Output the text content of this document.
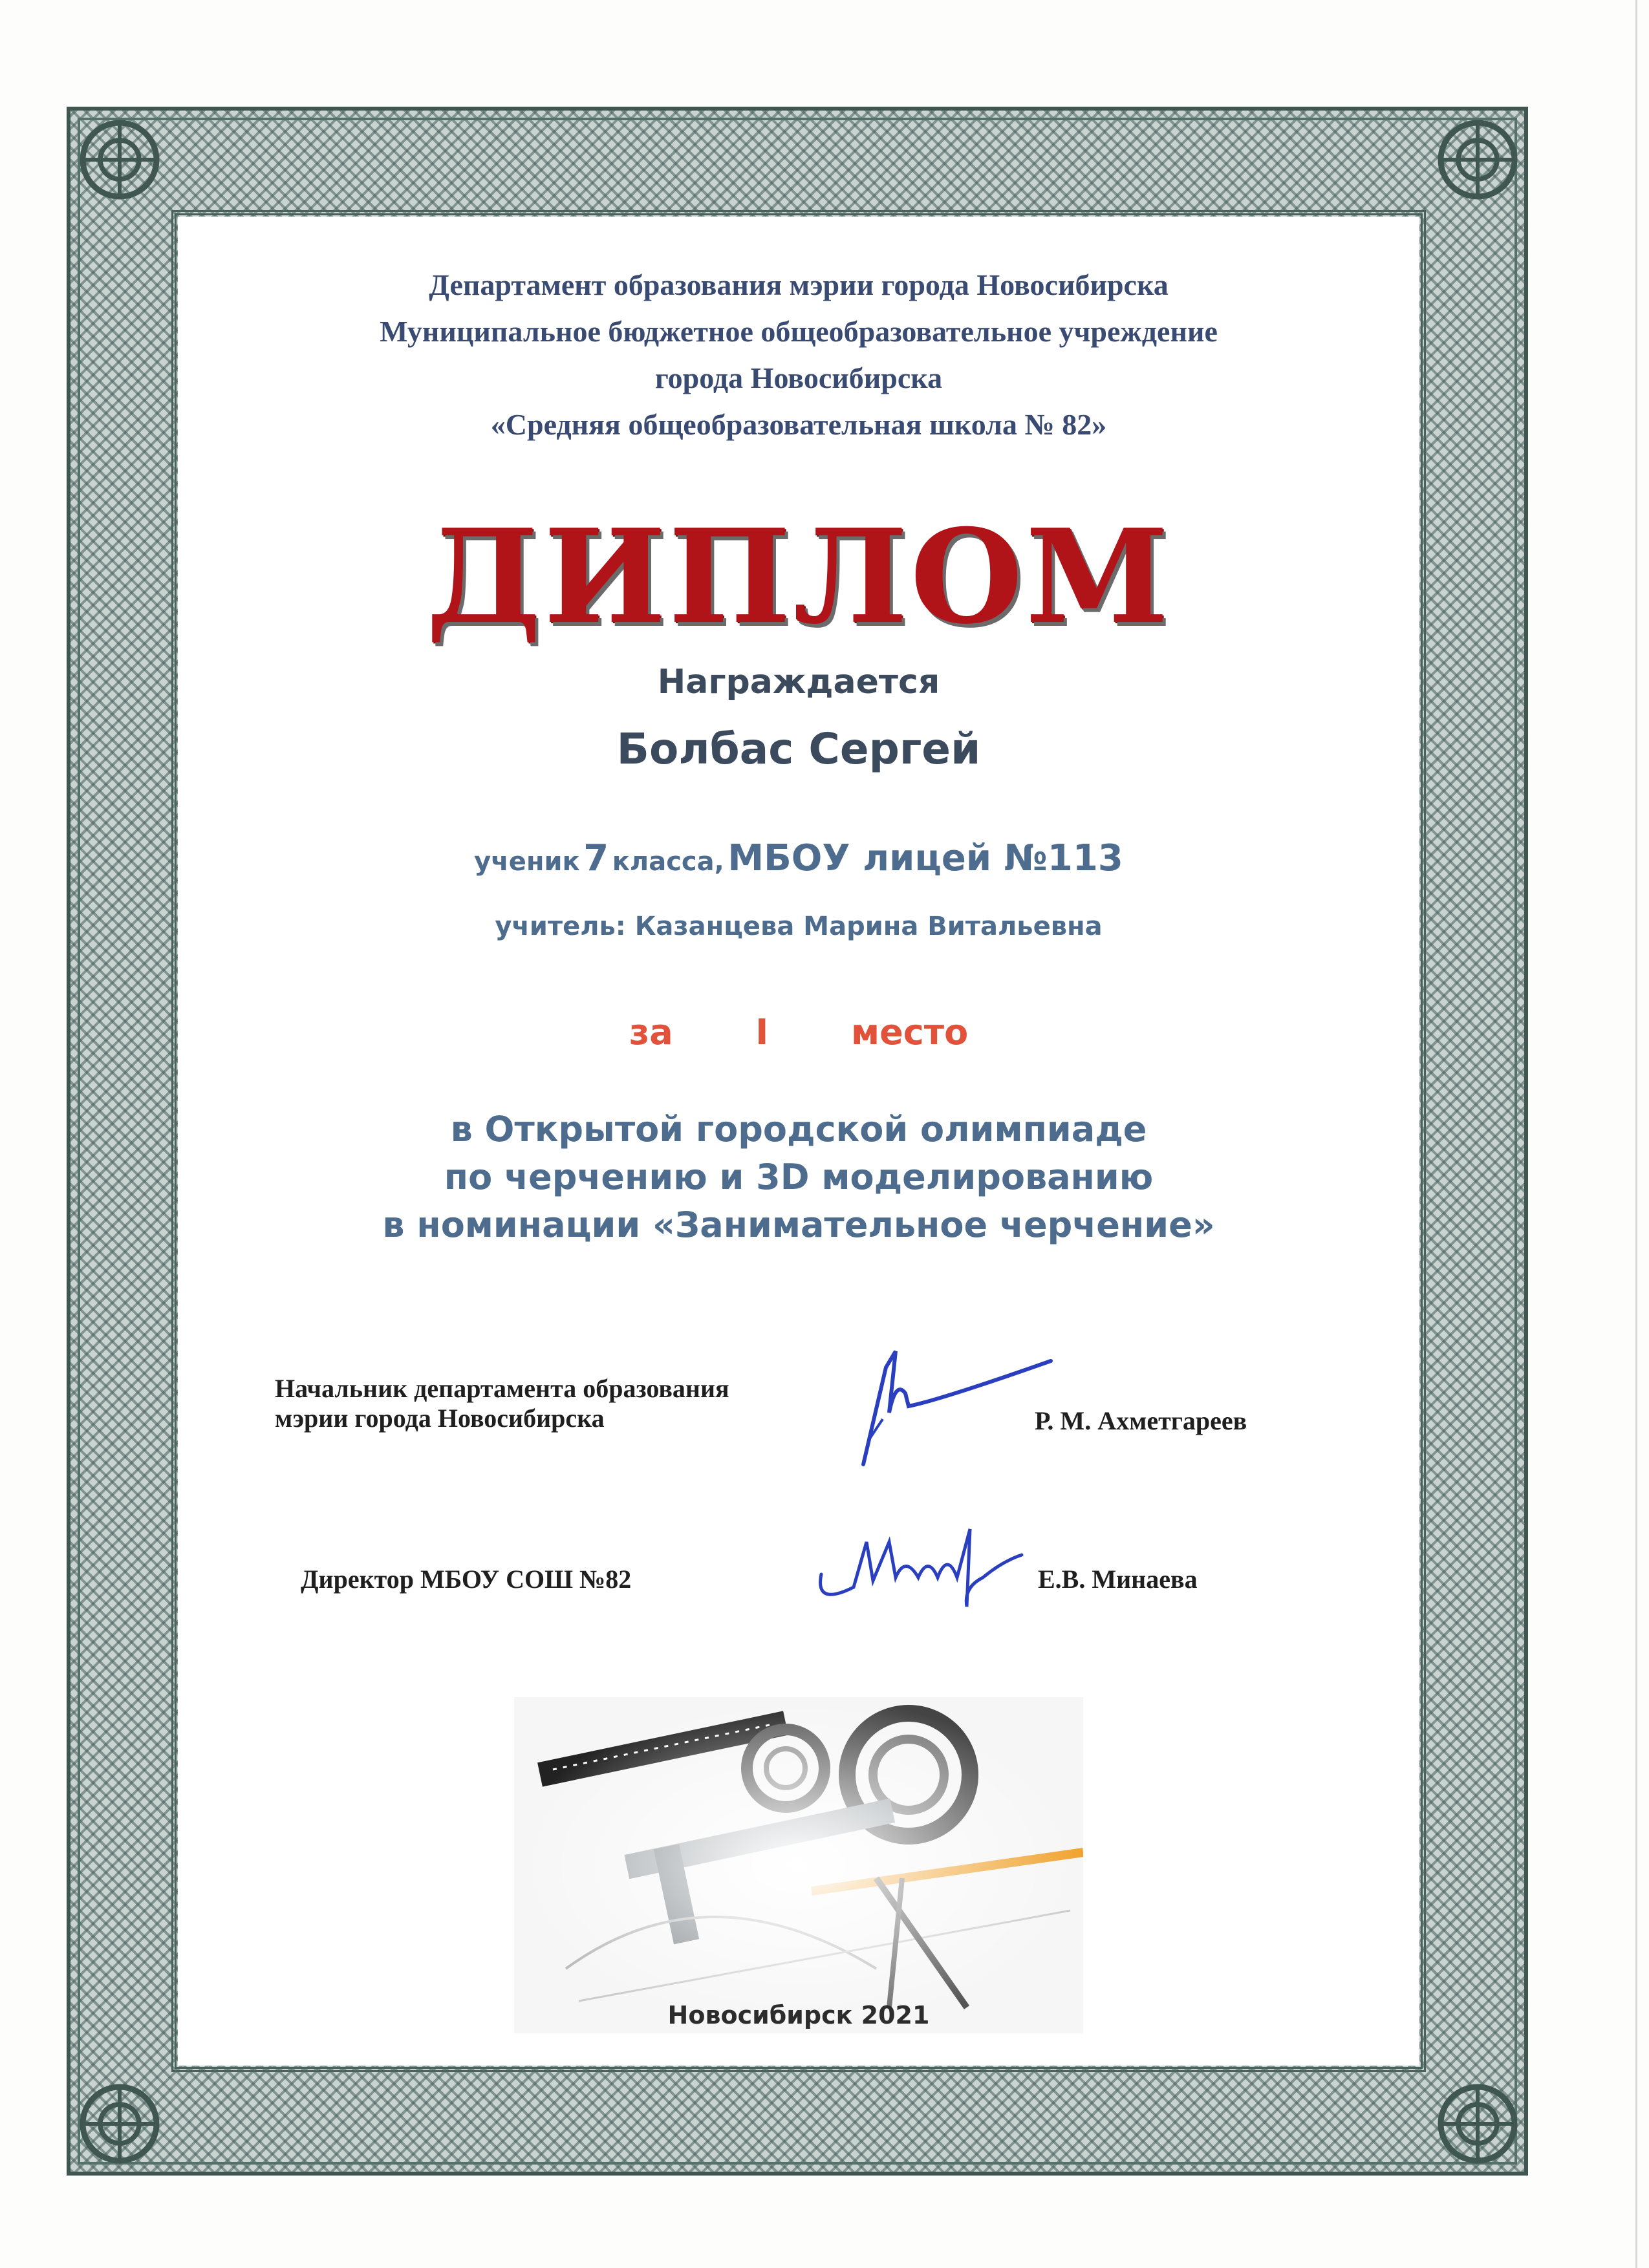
Департамент образования мэрии города Новосибирска
Муниципальное бюджетное общеобразовательное учреждение
города Новосибирска
«Средняя общеобразовательная школа № 82»
ДИПЛОМ
Награждается
Болбас Сергей
ученик 7 класса, МБОУ лицей №113
учитель: Казанцева Марина Витальевна
за I место
в Открытой городской олимпиаде
по черчению и 3D моделированию
в номинации «Занимательное черчение»
Начальник департамента образования
мэрии города Новосибирска	Р. М. Ахметгареев
Директор МБОУ СОШ №82	Е.В. Минаева
Новосибирск 2021
